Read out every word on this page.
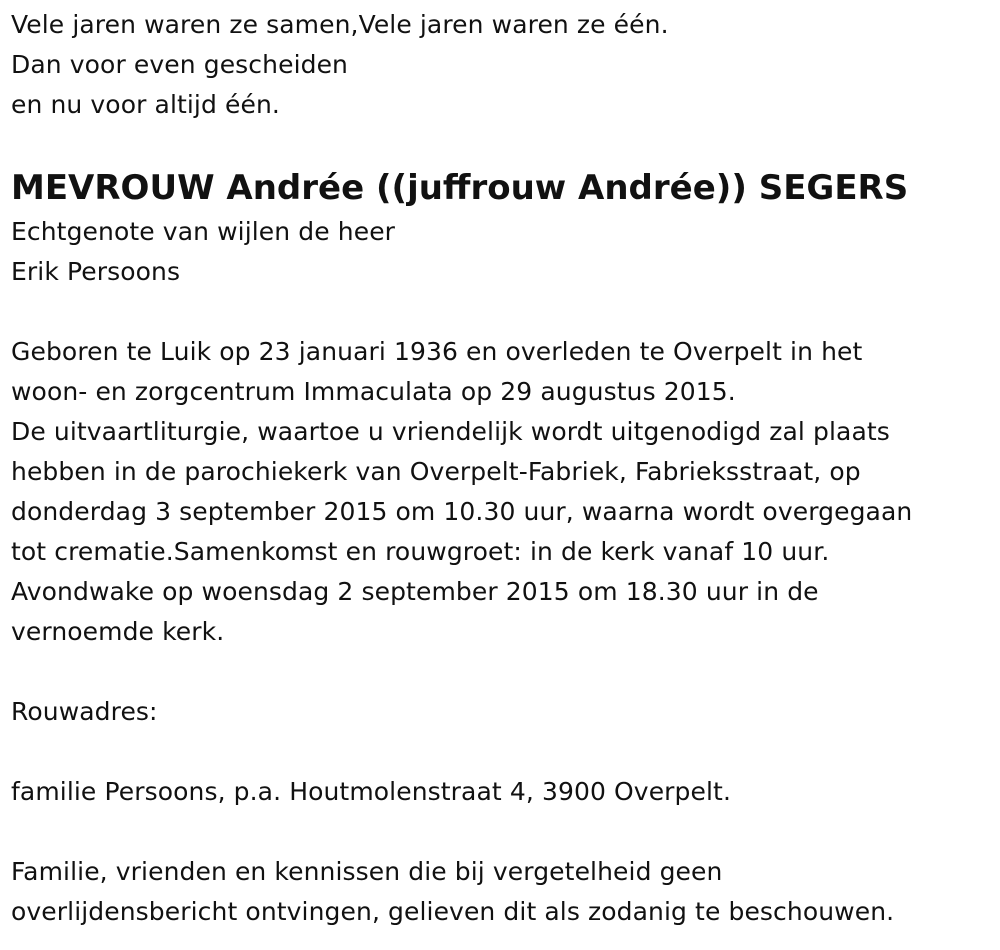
Vele jaren waren ze samen,Vele jaren waren ze één.
Dan voor even gescheiden
en nu voor altijd één.
MEVROUW Andrée ((juffrouw Andrée)) SEGERS
Echtgenote van wijlen de heer
Erik Persoons
Geboren te Luik op 23 januari 1936 en overleden te Overpelt in het
woon- en zorgcentrum Immaculata op 29 augustus 2015.
De uitvaartliturgie, waartoe u vriendelijk wordt uitgenodigd zal plaats
hebben in de parochiekerk van Overpelt-Fabriek, Fabrieksstraat, op
donderdag 3 september 2015 om 10.30 uur, waarna wordt overgegaan
tot crematie.Samenkomst en rouwgroet: in de kerk vanaf 10 uur.
Avondwake op woensdag 2 september 2015 om 18.30 uur in de
vernoemde kerk.
Rouwadres:
familie Persoons, p.a. Houtmolenstraat 4, 3900 Overpelt.
Familie, vrienden en kennissen die bij vergetelheid geen
overlijdensbericht ontvingen, gelieven dit als zodanig te beschouwen.
